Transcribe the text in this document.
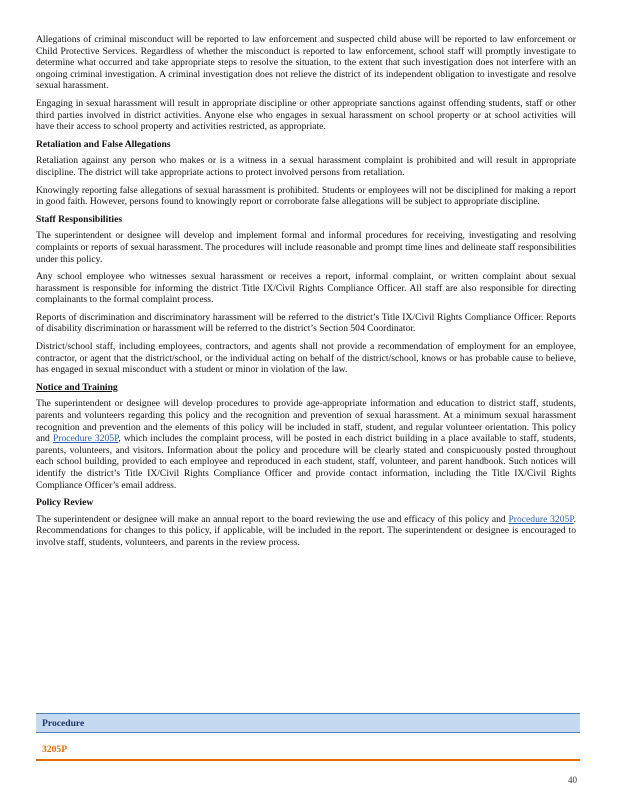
Allegations of criminal misconduct will be reported to law enforcement and suspected child abuse will be reported to law enforcement or Child Protective Services. Regardless of whether the misconduct is reported to law enforcement, school staff will promptly investigate to determine what occurred and take appropriate steps to resolve the situation, to the extent that such investigation does not interfere with an ongoing criminal investigation. A criminal investigation does not relieve the district of its independent obligation to investigate and resolve sexual harassment.

Engaging in sexual harassment will result in appropriate discipline or other appropriate sanctions against offending students, staff or other third parties involved in district activities. Anyone else who engages in sexual harassment on school property or at school activities will have their access to school property and activities restricted, as appropriate.

Retaliation and False Allegations

Retaliation against any person who makes or is a witness in a sexual harassment complaint is prohibited and will result in appropriate discipline. The district will take appropriate actions to protect involved persons from retaliation.

Knowingly reporting false allegations of sexual harassment is prohibited. Students or employees will not be disciplined for making a report in good faith. However, persons found to knowingly report or corroborate false allegations will be subject to appropriate discipline.

Staff Responsibilities

The superintendent or designee will develop and implement formal and informal procedures for receiving, investigating and resolving complaints or reports of sexual harassment. The procedures will include reasonable and prompt time lines and delineate staff responsibilities under this policy.

Any school employee who witnesses sexual harassment or receives a report, informal complaint, or written complaint about sexual harassment is responsible for informing the district Title IX/Civil Rights Compliance Officer. All staff are also responsible for directing complainants to the formal complaint process.

Reports of discrimination and discriminatory harassment will be referred to the district’s Title IX/Civil Rights Compliance Officer. Reports of disability discrimination or harassment will be referred to the district’s Section 504 Coordinator.

District/school staff, including employees, contractors, and agents shall not provide a recommendation of employment for an employee, contractor, or agent that the district/school, or the individual acting on behalf of the district/school, knows or has probable cause to believe, has engaged in sexual misconduct with a student or minor in violation of the law.

Notice and Training

The superintendent or designee will develop procedures to provide age-appropriate information and education to district staff, students, parents and volunteers regarding this policy and the recognition and prevention of sexual harassment. At a minimum sexual harassment recognition and prevention and the elements of this policy will be included in staff, student, and regular volunteer orientation. This policy and Procedure 3205P, which includes the complaint process, will be posted in each district building in a place available to staff, students, parents, volunteers, and visitors. Information about the policy and procedure will be clearly stated and conspicuously posted throughout each school building, provided to each employee and reproduced in each student, staff, volunteer, and parent handbook. Such notices will identify the district’s Title IX/Civil Rights Compliance Officer and provide contact information, including the Title IX/Civil Rights Compliance Officer’s email address.

Policy Review

The superintendent or designee will make an annual report to the board reviewing the use and efficacy of this policy and Procedure 3205P. Recommendations for changes to this policy, if applicable, will be included in the report. The superintendent or designee is encouraged to involve staff, students, volunteers, and parents in the review process.

Procedure
3205P
40
